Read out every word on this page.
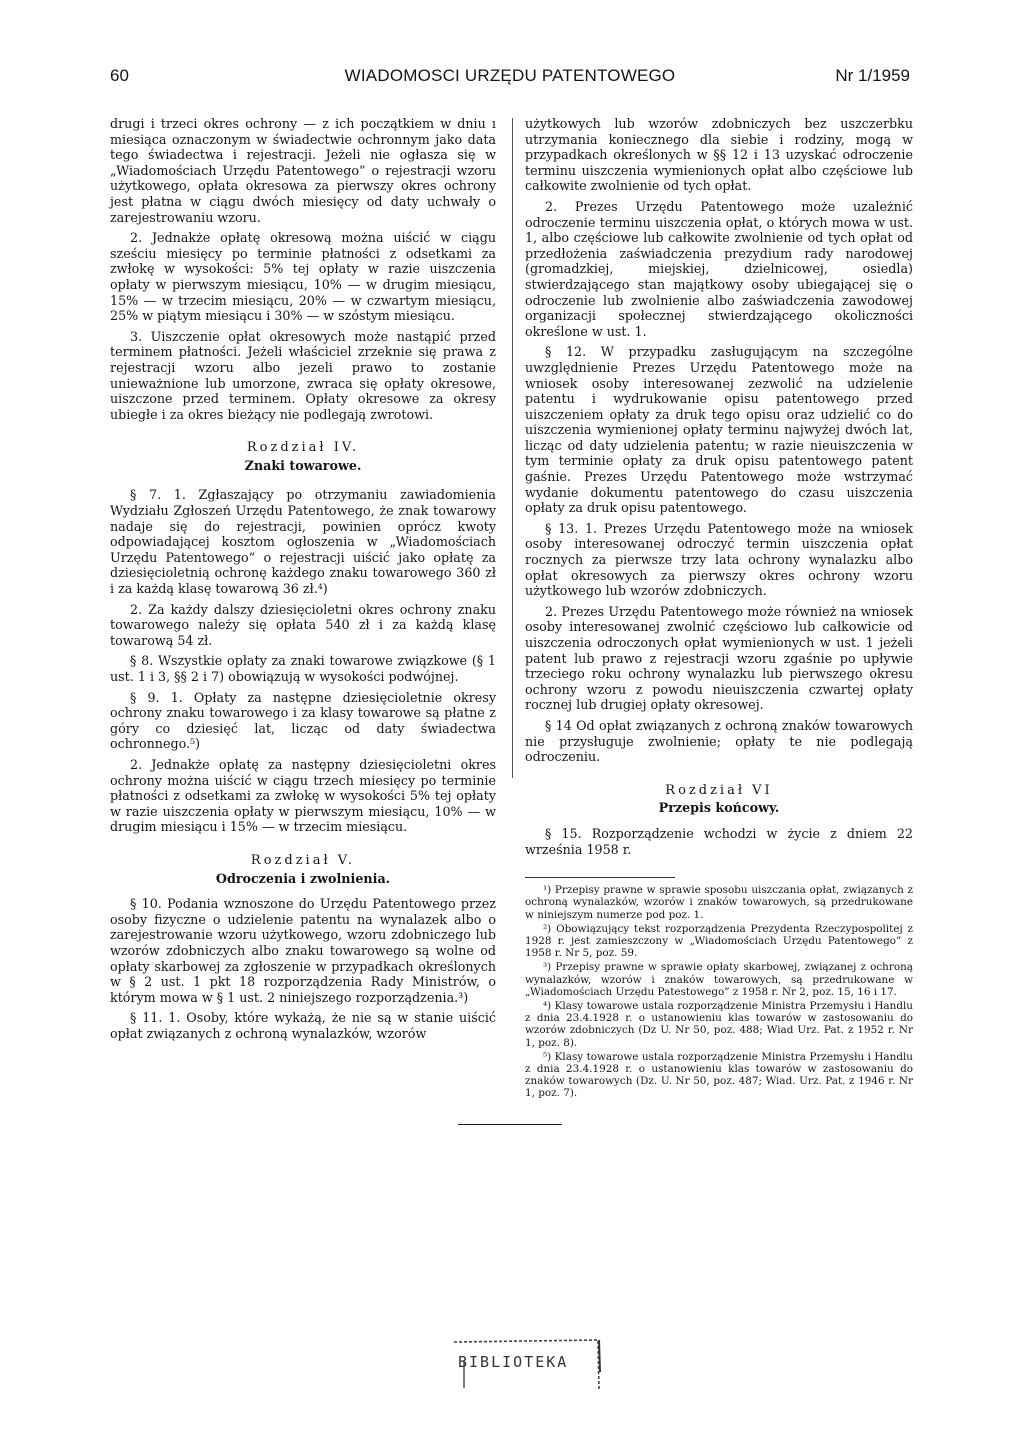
60	WIADOMOSCI URZĘDU PATENTOWEGO	Nr 1/1959

drugi i trzeci okres ochrony — z ich początkiem w dniu ı miesiąca oznaczonym w świadectwie ochronnym jako data tego świadectwa i rejestracji. Jeżeli nie ogłasza się w „Wiadomościach Urzędu Patentowego” o rejestracji wzoru użytkowego, opłata okresowa za pierwszy okres ochrony jest płatna w ciągu dwóch miesięcy od daty uchwały o zarejestrowaniu wzoru.

2. Jednakże opłatę okresową można uiścić w ciągu sześciu miesięcy po terminie płatności z odsetkami za zwłokę w wysokości: 5% tej opłaty w razie uiszczenia opłaty w pierwszym miesiącu, 10% — w drugim miesiącu, 15% — w trzecim miesiącu, 20% — w czwartym miesiącu, 25% w piątym miesiącu i 30% — w szóstym miesiącu.

3. Uiszczenie opłat okresowych może nastąpić przed terminem płatności. Jeżeli właściciel zrzeknie się prawa z rejestracji wzoru albo jezeli prawo to zostanie unieważnione lub umorzone, zwraca się opłaty okresowe, uiszczone przed terminem. Opłaty okresowe za okresy ubiegłe i za okres bieżący nie podlegają zwrotowi.

Rozdział IV.
Znaki towarowe.

§ 7. 1. Zgłaszający po otrzymaniu zawiadomienia Wydziału Zgłoszeń Urzędu Patentowego, że znak towarowy nadaje się do rejestracji, powinien oprócz kwoty odpowiadającej kosztom ogłoszenia w „Wiadomościach Urzędu Patentowego” o rejestracji uiścić jako opłatę za dziesięcioletnią ochronę każdego znaku towarowego 360 zł i za każdą klasę towarową 36 zł.⁴)

2. Za każdy dalszy dziesięcioletni okres ochrony znaku towarowego należy się opłata 540 zł i za każdą klasę towarową 54 zł.

§ 8. Wszystkie opłaty za znaki towarowe związkowe (§ 1 ust. 1 i 3, §§ 2 i 7) obowiązują w wysokości podwójnej.

§ 9. 1. Opłaty za następne dziesięcioletnie okresy ochrony znaku towarowego i za klasy towarowe są płatne z góry co dziesięć lat, licząc od daty świadectwa ochronnego.⁵)

2. Jednakże opłatę za następny dziesięcioletni okres ochrony można uiścić w ciągu trzech miesięcy po terminie płatności z odsetkami za zwłokę w wysokości 5% tej opłaty w razie uiszczenia opłaty w pierwszym miesiącu, 10% — w drugim miesiącu i 15% — w trzecim miesiącu.

Rozdział V.
Odroczenia i zwolnienia.

§ 10. Podania wznoszone do Urzędu Patentowego przez osoby fizyczne o udzielenie patentu na wynalazek albo o zarejestrowanie wzoru użytkowego, wzoru zdobniczego lub wzorów zdobniczych albo znaku towarowego są wolne od opłaty skarbowej za zgłoszenie w przypadkach określonych w § 2 ust. 1 pkt 18 rozporządzenia Rady Ministrów, o którym mowa w § 1 ust. 2 niniejszego rozporządzenia.³)

§ 11. 1. Osoby, które wykażą, że nie są w stanie uiścić opłat związanych z ochroną wynalazków, wzorów

użytkowych lub wzorów zdobniczych bez uszczerbku utrzymania koniecznego dla siebie i rodziny, mogą w przypadkach określonych w §§ 12 i 13 uzyskać odroczenie terminu uiszczenia wymienionych opłat albo częściowe lub całkowite zwolnienie od tych opłat.

2. Prezes Urzędu Patentowego może uzależnić odroczenie terminu uiszczenia opłat, o których mowa w ust. 1, albo częściowe lub całkowite zwolnienie od tych opłat od przedłożenia zaświadczenia prezydium rady narodowej (gromadzkiej, miejskiej, dzielnicowej, osiedla) stwierdzającego stan majątkowy osoby ubiegającej się o odroczenie lub zwolnienie albo zaświadczenia zawodowej organizacji społecznej stwierdzającego okoliczności określone w ust. 1.

§ 12. W przypadku zasługującym na szczególne uwzględnienie Prezes Urzędu Patentowego może na wniosek osoby interesowanej zezwolić na udzielenie patentu i wydrukowanie opisu patentowego przed uiszczeniem opłaty za druk tego opisu oraz udzielić co do uiszczenia wymienionej opłaty terminu najwyżej dwóch lat, licząc od daty udzielenia patentu; w razie nieuiszczenia w tym terminie opłaty za druk opisu patentowego patent gaśnie. Prezes Urzędu Patentowego może wstrzymać wydanie dokumentu patentowego do czasu uiszczenia opłaty za druk opisu patentowego.

§ 13. 1. Prezes Urzędu Patentowego może na wniosek osoby interesowanej odroczyć termin uiszczenia opłat rocznych za pierwsze trzy lata ochrony wynalazku albo opłat okresowych za pierwszy okres ochrony wzoru użytkowego lub wzorów zdobniczych.

2. Prezes Urzędu Patentowego może również na wniosek osoby interesowanej zwolnić częściowo lub całkowicie od uiszczenia odroczonych opłat wymienionych w ust. 1 jeżeli patent lub prawo z rejestracji wzoru zgaśnie po upływie trzeciego roku ochrony wynalazku lub pierwszego okresu ochrony wzoru z powodu nieuiszczenia czwartej opłaty rocznej lub drugiej opłaty okresowej.

§ 14 Od opłat związanych z ochroną znaków towarowych nie przysługuje zwolnienie; opłaty te nie podlegają odroczeniu.

Rozdział VI
Przepis końcowy.

§ 15. Rozporządzenie wchodzi w życie z dniem 22 września 1958 r.

¹) Przepisy prawne w sprawie sposobu uiszczania opłat, związanych z ochroną wynalazków, wzorów i znaków towarowych, są przedrukowane w niniejszym numerze pod poz. 1.

²) Obowiązujący tekst rozporządzenia Prezydenta Rzeczypospolitej z 1928 r. jest zamieszczony w „Wiadomościach Urzędu Patentowego” z 1958 r. Nr 5, poz. 59.

³) Przepisy prawne w sprawie opłaty skarbowej, związanej z ochroną wynalazków, wzorów i znaków towarowych, są przedrukowane w „Wiadomościach Urzędu Patestowego” z 1958 r. Nr 2, poz. 15, 16 i 17.

⁴) Klasy towarowe ustala rozporządzenie Ministra Przemysłu i Handlu z dnia 23.4.1928 r. o ustanowieniu klas towarów w zastosowaniu do wzorów zdobniczych (Dz U. Nr 50, poz. 488; Wiad Urz. Pat. z 1952 r. Nr 1, poz. 8).

⁵) Klasy towarowe ustala rozporządzenie Ministra Przemysłu i Handlu z dnia 23.4.1928 r. o ustanowieniu klas towarów w zastosowaniu do znaków towarowych (Dz. U. Nr 50, poz. 487; Wiad. Urz. Pat. z 1946 r. Nr 1, poz. 7).

BIBLIOTEKA
